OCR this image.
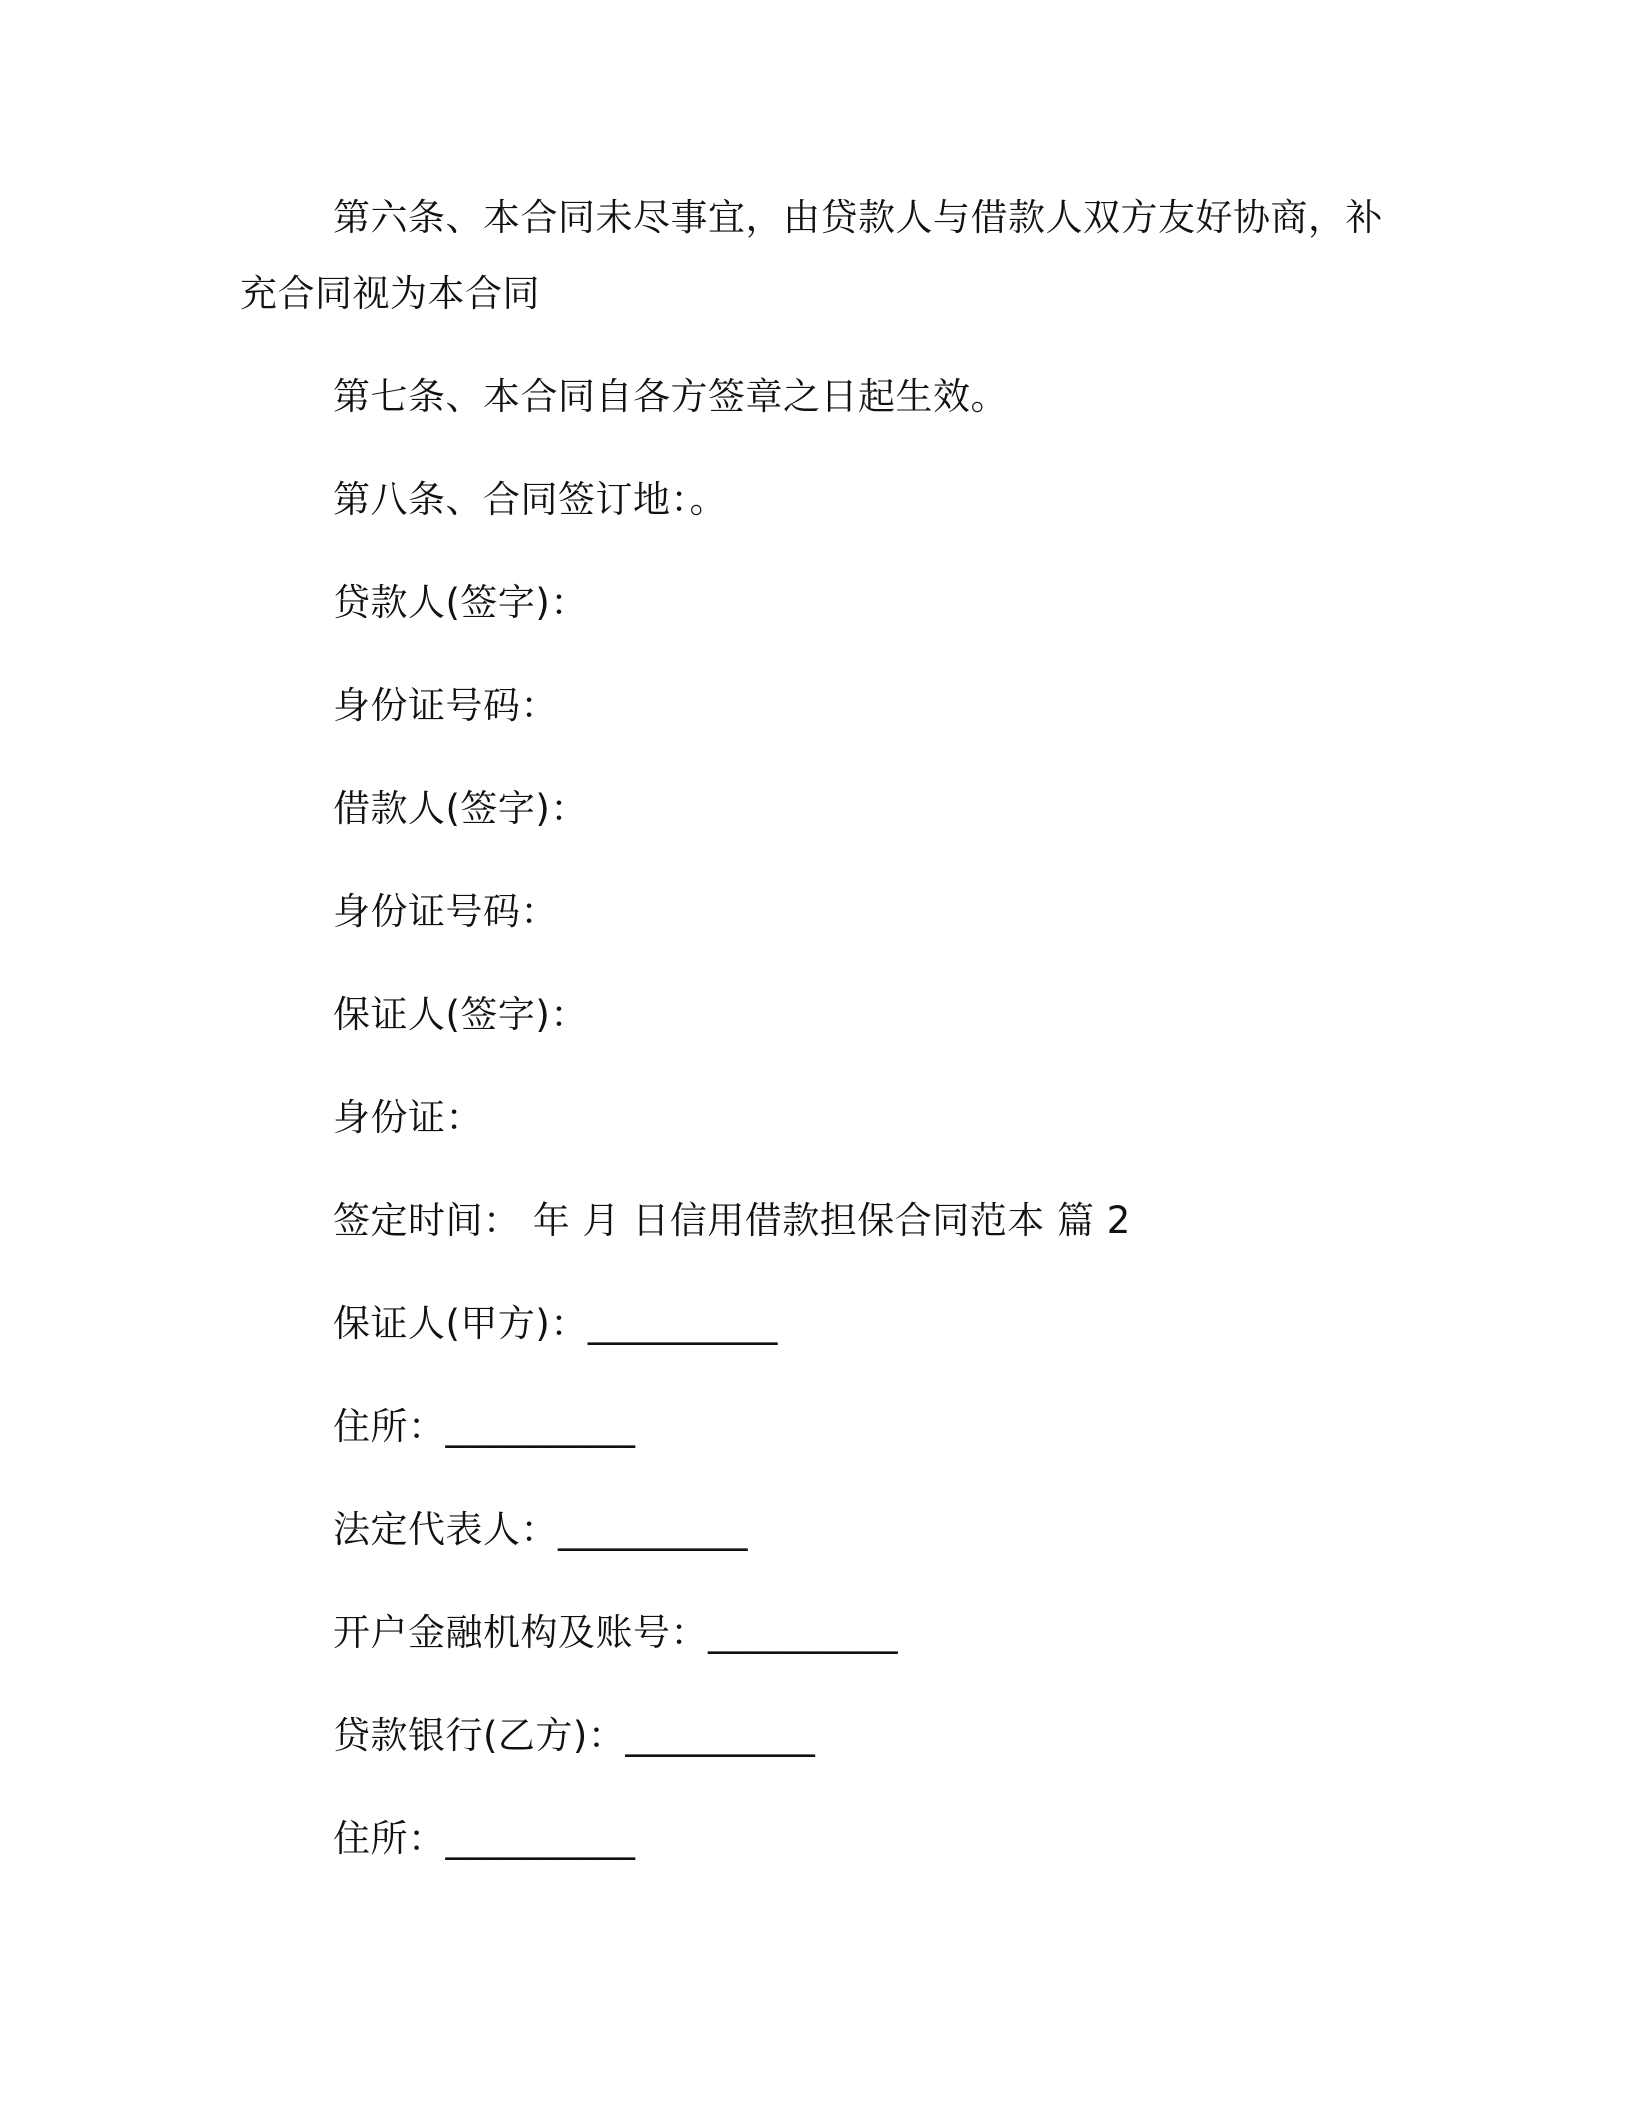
第六条、本合同未尽事宜，由贷款人与借款人双方友好协商，补
充合同视为本合同
第七条、本合同自各方签章之日起生效。
第八条、合同签订地：。
贷款人(签字)：
身份证号码：
借款人(签字)：
身份证号码：
保证人(签字)：
身份证：
签定时间： 年 月 日信用借款担保合同范本 篇 2
保证人(甲方)：__________
住所：__________
法定代表人：__________
开户金融机构及账号：__________
贷款银行(乙方)：__________
住所：__________
